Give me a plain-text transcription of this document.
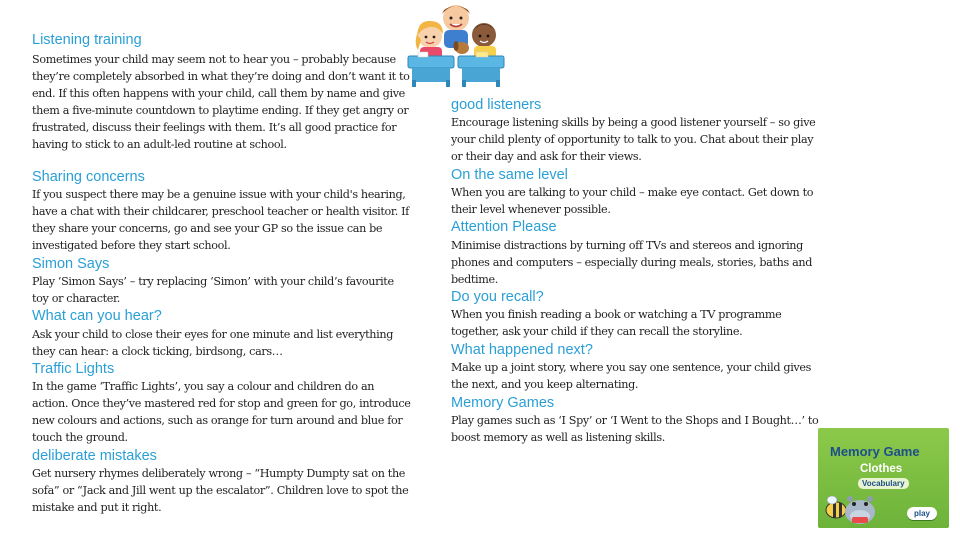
Listening training

Sometimes your child may seem not to hear you – probably because they’re completely absorbed in what they’re doing and don’t want it to end. If this often happens with your child, call them by name and give them a five-minute countdown to playtime ending. If they get angry or frustrated, discuss their feelings with them. It’s all good practice for having to stick to an adult-led routine at school.

Sharing concerns

If you suspect there may be a genuine issue with your child's hearing, have a chat with their childcarer, preschool teacher or health visitor. If they share your concerns, go and see your GP so the issue can be investigated before they start school.

Simon Says

Play ‘Simon Says’ – try replacing ‘Simon’ with your child’s favourite toy or character.

What can you hear?

Ask your child to close their eyes for one minute and list everything they can hear: a clock ticking, birdsong, cars…

Traffic Lights

In the game ‘Traffic Lights’, you say a colour and children do an action. Once they’ve mastered red for stop and green for go, introduce new colours and actions, such as orange for turn around and blue for touch the ground.

deliberate mistakes

Get nursery rhymes deliberately wrong – “Humpty Dumpty sat on the sofa” or “Jack and Jill went up the escalator”. Children love to spot the mistake and put it right.

good listeners

Encourage listening skills by being a good listener yourself – so give your child plenty of opportunity to talk to you. Chat about their play or their day and ask for their views.

On the same level

When you are talking to your child – make eye contact. Get down to their level whenever possible.

Attention Please

Minimise distractions by turning off TVs and stereos and ignoring phones and computers – especially during meals, stories, baths and bedtime.

Do you recall?

When you finish reading a book or watching a TV programme together, ask your child if they can recall the storyline.

What happened next?

Make up a joint story, where you say one sentence, your child gives the next, and you keep alternating.

Memory Games

Play games such as ‘I Spy’ or ‘I Went to the Shops and I Bought…’ to boost memory as well as listening skills.

Memory Game
Clothes
Vocabulary
play
